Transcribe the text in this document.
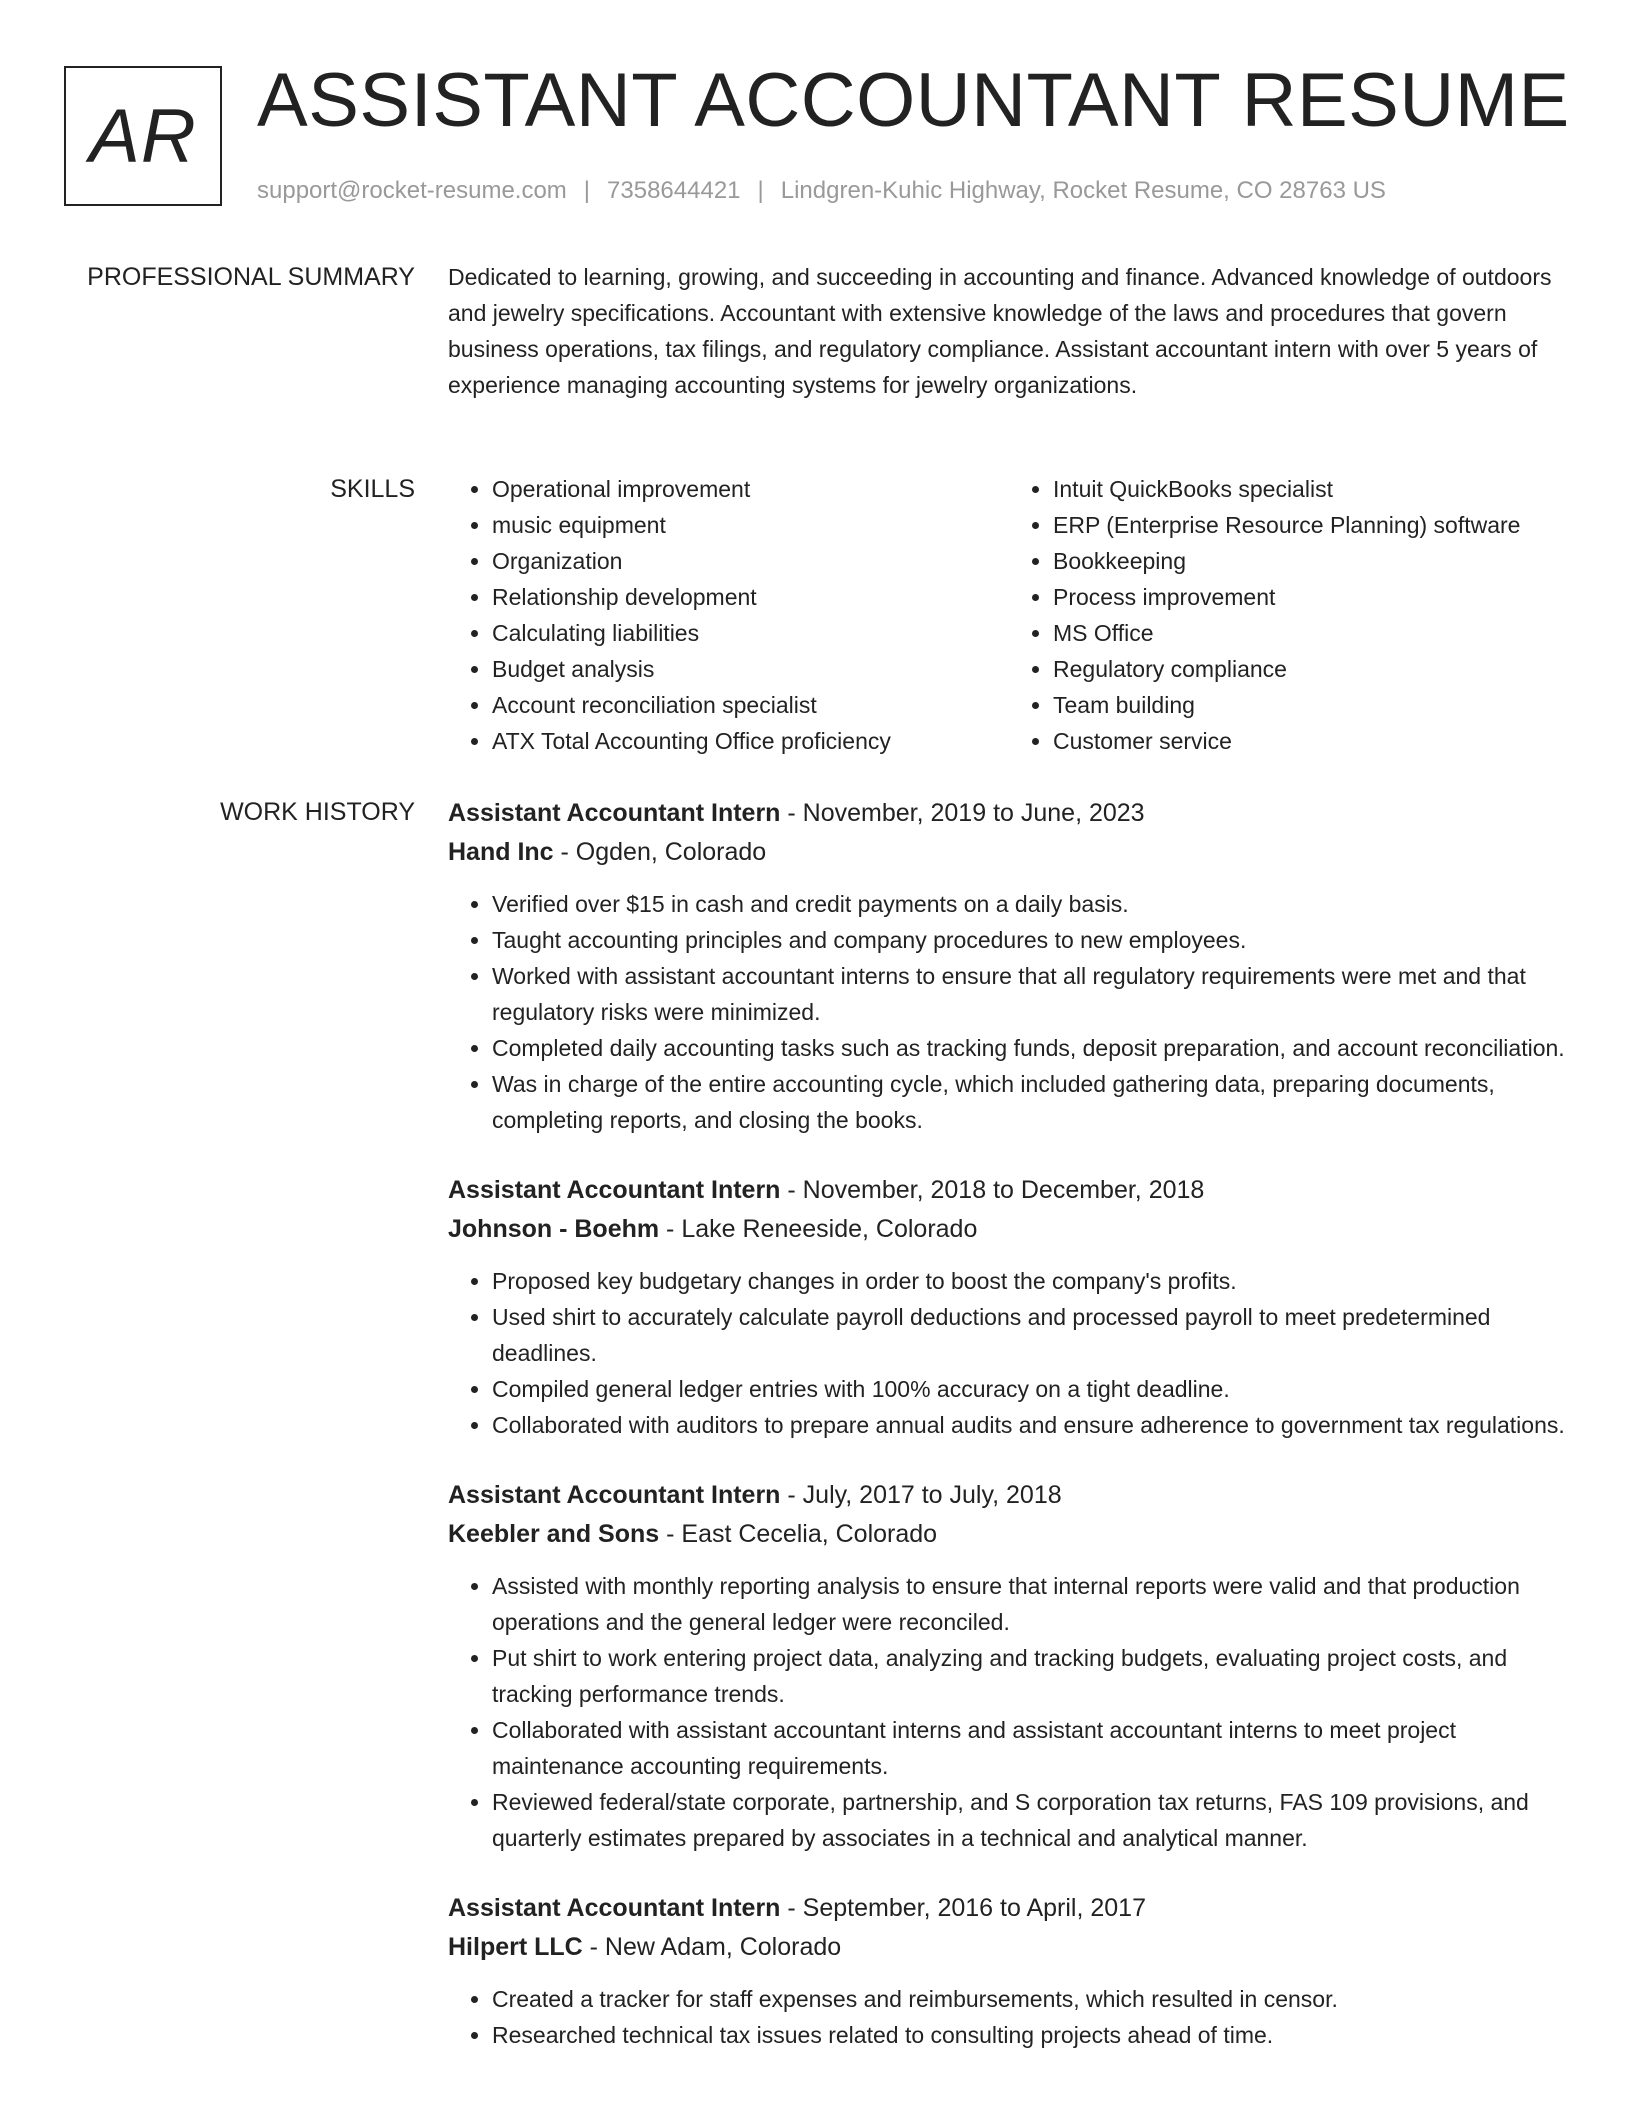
AR ASSISTANT ACCOUNTANT RESUME
support@rocket-resume.com | 7358644421 | Lindgren-Kuhic Highway, Rocket Resume, CO 28763 US
PROFESSIONAL SUMMARY Dedicated to learning, growing, and succeeding in accounting and finance. Advanced knowledge of outdoors and jewelry specifications. Accountant with extensive knowledge of the laws and procedures that govern business operations, tax filings, and regulatory compliance. Assistant accountant intern with over 5 years of experience managing accounting systems for jewelry organizations.

SKILLS
•	Operational improvement
• music equipment
• Organization
• Relationship development
• Calculating liabilities
• Budget analysis
• Account reconciliation specialist
• ATX Total Accounting Office proficiency
• Intuit QuickBooks specialist
• ERP (Enterprise Resource Planning) software
• Bookkeeping
• Process improvement
• MS Office
• Regulatory compliance
• Team building
• Customer service
WORK HISTORY Assistant Accountant Intern - November, 2019 to June, 2023

Hand Inc - Ogden, Colorado

• Verified over $15 in cash and credit payments on a daily basis.
• Taught accounting principles and company procedures to new employees.
• Worked with assistant accountant interns to ensure that all regulatory requirements were met and that regulatory risks were minimized.
• Completed daily accounting tasks such as tracking funds, deposit preparation, and account reconciliation.
• Was in charge of the entire accounting cycle, which included gathering data, preparing documents, completing reports, and closing the books.

Assistant Accountant Intern - November, 2018 to December, 2018

Johnson - Boehm - Lake Reneeside, Colorado

• Proposed key budgetary changes in order to boost the company's profits.
• Used shirt to accurately calculate payroll deductions and processed payroll to meet predetermined deadlines.
• Compiled general ledger entries with 100% accuracy on a tight deadline.
• Collaborated with auditors to prepare annual audits and ensure adherence to government tax regulations.

Assistant Accountant Intern - July, 2017 to July, 2018

Keebler and Sons - East Cecelia, Colorado

• Assisted with monthly reporting analysis to ensure that internal reports were valid and that production operations and the general ledger were reconciled.
• Put shirt to work entering project data, analyzing and tracking budgets, evaluating project costs, and tracking performance trends.
• Collaborated with assistant accountant interns and assistant accountant interns to meet project maintenance accounting requirements.
• Reviewed federal/state corporate, partnership, and S corporation tax returns, FAS 109 provisions, and quarterly estimates prepared by associates in a technical and analytical manner.

Assistant Accountant Intern - September, 2016 to April, 2017

Hilpert LLC - New Adam, Colorado

• Created a tracker for staff expenses and reimbursements, which resulted in censor.
• Researched technical tax issues related to consulting projects ahead of time.
